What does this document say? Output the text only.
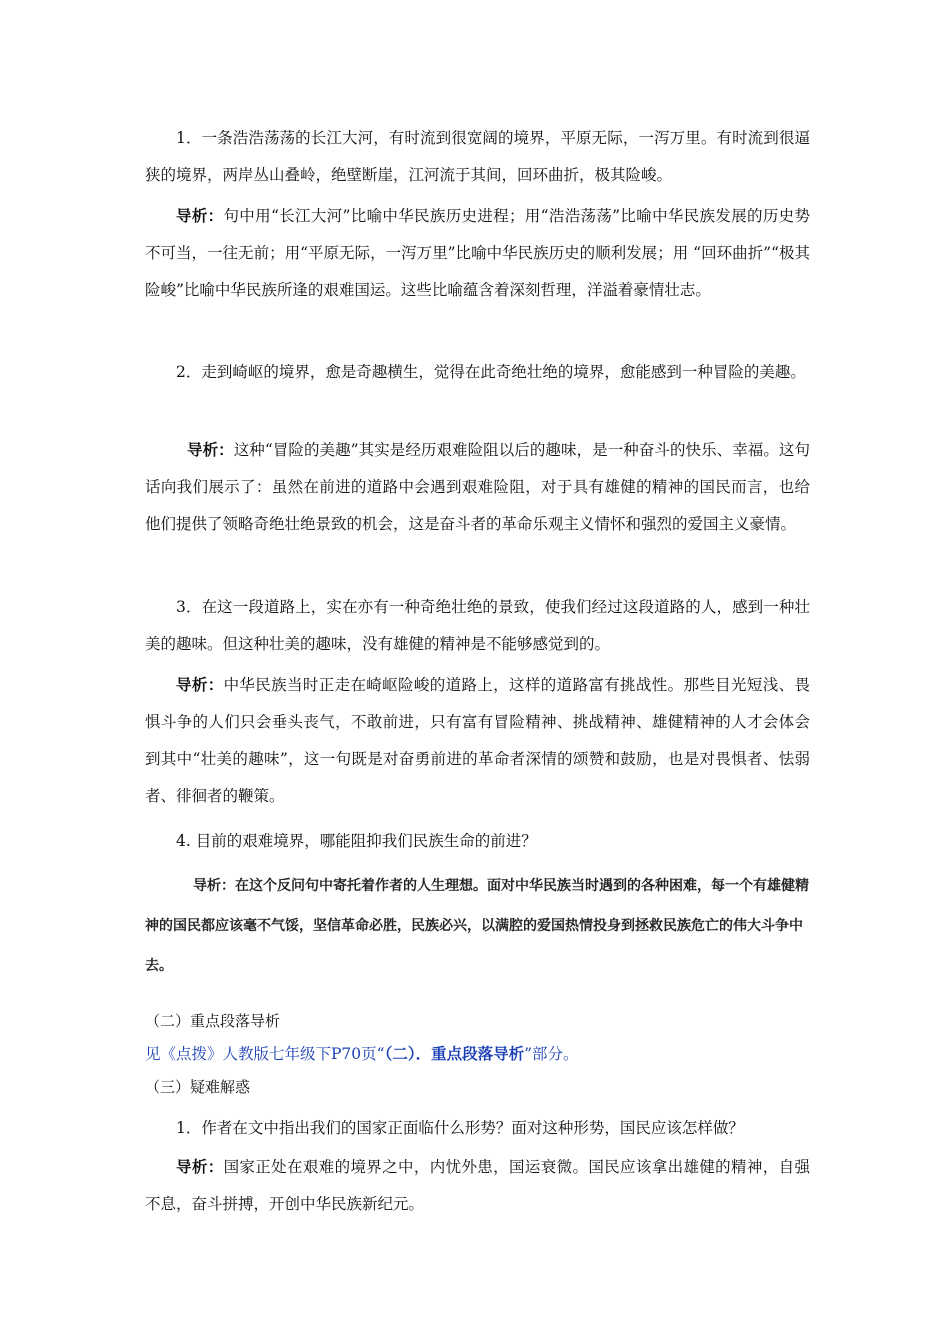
1．一条浩浩荡荡的长江大河，有时流到很宽阔的境界，平原无际，一泻万里。有时流到很逼狭的境界，两岸丛山叠岭，绝壁断崖，江河流于其间，回环曲折，极其险峻。

导析：句中用“长江大河”比喻中华民族历史进程；用“浩浩荡荡”比喻中华民族发展的历史势不可当，一往无前；用“平原无际，一泻万里”比喻中华民族历史的顺利发展；用 “回环曲折”“极其险峻”比喻中华民族所逢的艰难国运。这些比喻蕴含着深刻哲理，洋溢着豪情壮志。

2．走到崎岖的境界，愈是奇趣横生，觉得在此奇绝壮绝的境界，愈能感到一种冒险的美趣。

导析：这种“冒险的美趣”其实是经历艰难险阻以后的趣味，是一种奋斗的快乐、幸福。这句话向我们展示了：虽然在前进的道路中会遇到艰难险阻，对于具有雄健的精神的国民而言，也给他们提供了领略奇绝壮绝景致的机会，这是奋斗者的革命乐观主义情怀和强烈的爱国主义豪情。

3．在这一段道路上，实在亦有一种奇绝壮绝的景致，使我们经过这段道路的人，感到一种壮美的趣味。但这种壮美的趣味，没有雄健的精神是不能够感觉到的。

导析：中华民族当时正走在崎岖险峻的道路上，这样的道路富有挑战性。那些目光短浅、畏惧斗争的人们只会垂头丧气，不敢前进，只有富有冒险精神、挑战精神、雄健精神的人才会体会到其中“壮美的趣味”，这一句既是对奋勇前进的革命者深情的颂赞和鼓励，也是对畏惧者、怯弱者、徘徊者的鞭策。

4. 目前的艰难境界，哪能阻抑我们民族生命的前进？

导析：在这个反问句中寄托着作者的人生理想。面对中华民族当时遇到的各种困难，每一个有雄健精神的国民都应该毫不气馁，坚信革命必胜，民族必兴，以满腔的爱国热情投身到拯救民族危亡的伟大斗争中去。

（二）重点段落导析

见《点拨》人教版七年级下P70页“（二）．重点段落导析”部分。

（三）疑难解惑

1．作者在文中指出我们的国家正面临什么形势？面对这种形势，国民应该怎样做？

导析：国家正处在艰难的境界之中，内忧外患，国运衰微。国民应该拿出雄健的精神，自强不息，奋斗拼搏，开创中华民族新纪元。
